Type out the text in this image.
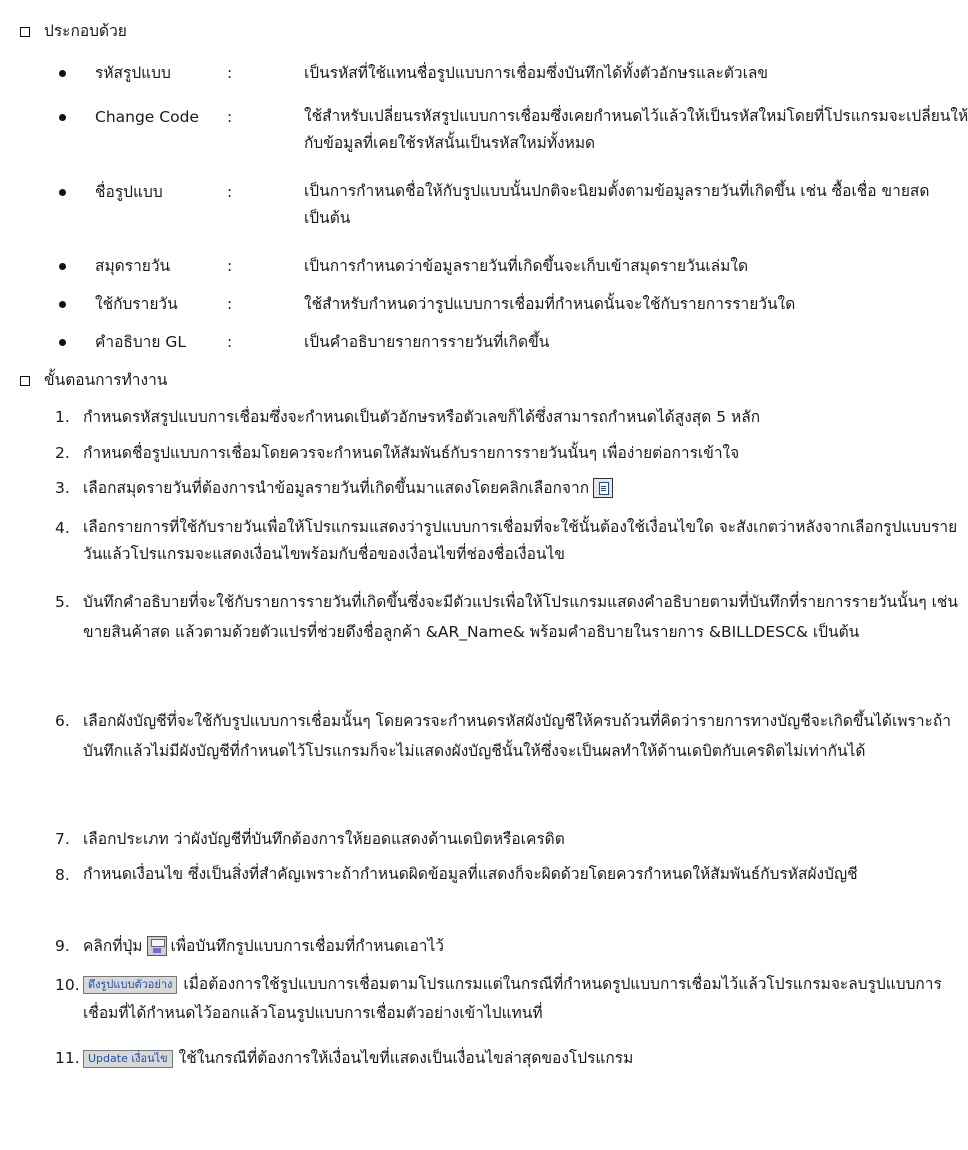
ประกอบด้วย
รหัสรูปแบบ	:	เป็นรหัสที่ใช้แทนชื่อรูปแบบการเชื่อมซึ่งบันทึกได้ทั้งตัวอักษรและตัวเลข
Change Code :	ใช้สำหรับเปลี่ยนรหัสรูปแบบการเชื่อมซึ่งเคยกำหนดไว้แล้วให้เป็นรหัสใหม่โดยที่โปรแกรมจะเปลี่ยนให้กับข้อมูลที่เคยใช้รหัสนั้นเป็นรหัสใหม่ทั้งหมด
ชื่อรูปแบบ	:	เป็นการกำหนดชื่อให้กับรูปแบบนั้นปกติจะนิยมตั้งตามข้อมูลรายวันที่เกิดขึ้น เช่น ซื้อเชื่อ ขายสด เป็นต้น
สมุดรายวัน	:	เป็นการกำหนดว่าข้อมูลรายวันที่เกิดขึ้นจะเก็บเข้าสมุดรายวันเล่มใด
ใช้กับรายวัน	:	ใช้สำหรับกำหนดว่ารูปแบบการเชื่อมที่กำหนดนั้นจะใช้กับรายการรายวันใด
คำอธิบาย GL	:	เป็นคำอธิบายรายการรายวันที่เกิดขึ้น
ขั้นตอนการทำงาน
1. กำหนดรหัสรูปแบบการเชื่อมซึ่งจะกำหนดเป็นตัวอักษรหรือตัวเลขก็ได้ซึ่งสามารถกำหนดได้สูงสุด 5 หลัก
2. กำหนดชื่อรูปแบบการเชื่อมโดยควรจะกำหนดให้สัมพันธ์กับรายการรายวันนั้นๆ เพื่อง่ายต่อการเข้าใจ
3. เลือกสมุดรายวันที่ต้องการนำข้อมูลรายวันที่เกิดขึ้นมาแสดงโดยคลิกเลือกจาก
4. เลือกรายการที่ใช้กับรายวันเพื่อให้โปรแกรมแสดงว่ารูปแบบการเชื่อมที่จะใช้นั้นต้องใช้เงื่อนไขใด จะสังเกตว่าหลังจากเลือกรูปแบบรายวันแล้วโปรแกรมจะแสดงเงื่อนไขพร้อมกับชื่อของเงื่อนไขที่ช่องชื่อเงื่อนไข
5. บันทึกคำอธิบายที่จะใช้กับรายการรายวันที่เกิดขึ้นซึ่งจะมีตัวแปรเพื่อให้โปรแกรมแสดงคำอธิบายตามที่บันทึกที่รายการรายวันนั้นๆ เช่น ขายสินค้าสด แล้วตามด้วยตัวแปรที่ช่วยดึงชื่อลูกค้า &AR_Name& พร้อมคำอธิบายในรายการ &BILLDESC& เป็นต้น
6. เลือกผังบัญชีที่จะใช้กับรูปแบบการเชื่อมนั้นๆ โดยควรจะกำหนดรหัสผังบัญชีให้ครบถ้วนที่คิดว่ารายการทางบัญชีจะเกิดขึ้นได้เพราะถ้าบันทึกแล้วไม่มีผังบัญชีที่กำหนดไว้โปรแกรมก็จะไม่แสดงผังบัญชีนั้นให้ซึ่งจะเป็นผลทำให้ด้านเดบิตกับเครดิตไม่เท่ากันได้
7. เลือกประเภท ว่าผังบัญชีที่บันทึกต้องการให้ยอดแสดงด้านเดบิตหรือเครดิต
8. กำหนดเงื่อนไข ซึ่งเป็นสิ่งที่สำคัญเพราะถ้ากำหนดผิดข้อมูลที่แสดงก็จะผิดด้วยโดยควรกำหนดให้สัมพันธ์กับรหัสผังบัญชี
9. คลิกที่ปุ่ม เพื่อบันทึกรูปแบบการเชื่อมที่กำหนดเอาไว้
10. ดึงรูปแบบตัวอย่าง เมื่อต้องการใช้รูปแบบการเชื่อมตามโปรแกรมแต่ในกรณีที่กำหนดรูปแบบการเชื่อมไว้แล้วโปรแกรมจะลบรูปแบบการเชื่อมที่ได้กำหนดไว้ออกแล้วโอนรูปแบบการเชื่อมตัวอย่างเข้าไปแทนที่
11. Update เงื่อนไข ใช้ในกรณีที่ต้องการให้เงื่อนไขที่แสดงเป็นเงื่อนไขล่าสุดของโปรแกรม
